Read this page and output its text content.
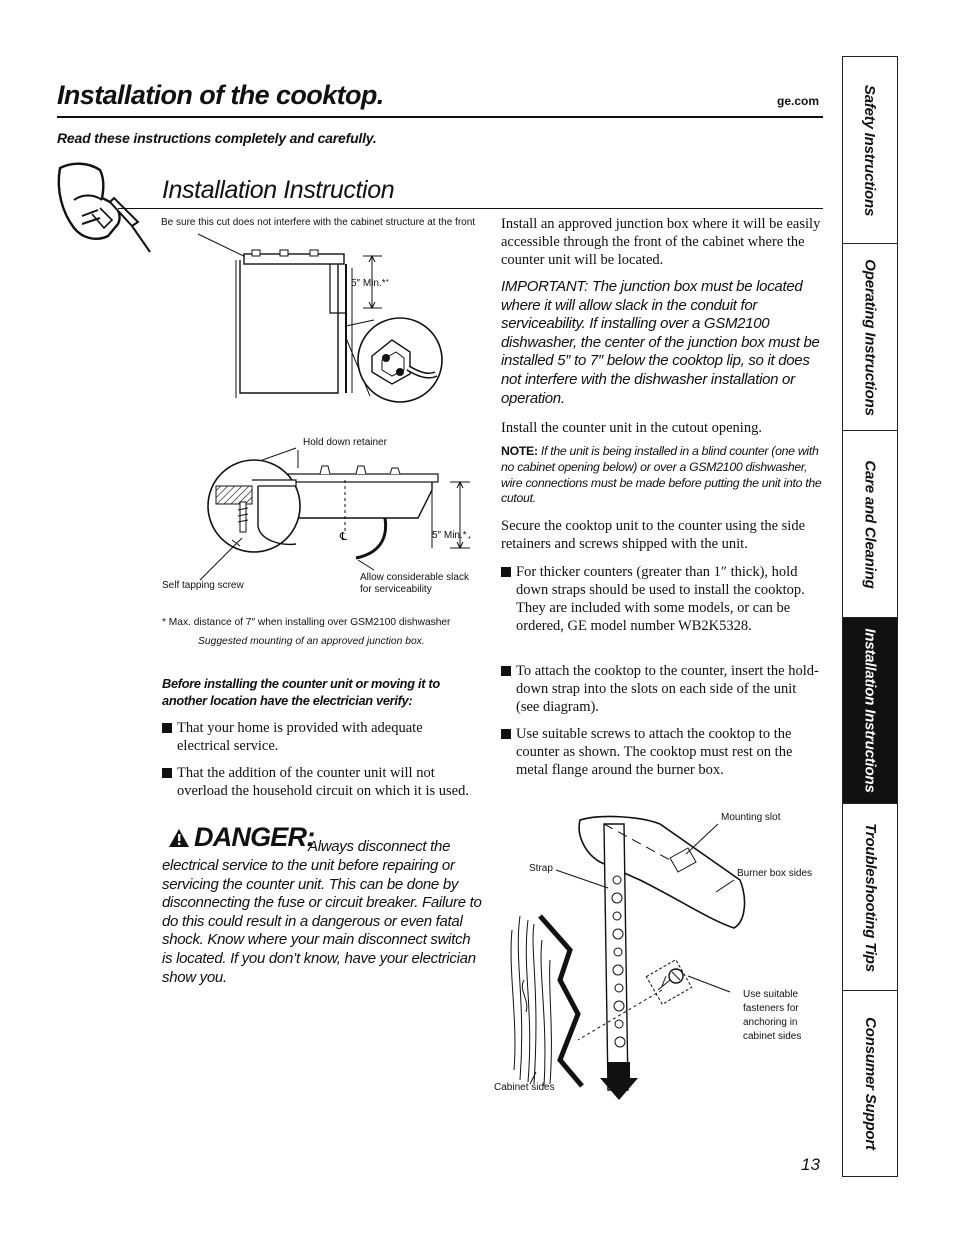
Installation of the cooktop.	ge.com
Read these instructions completely and carefully.
Installation Instruction	Safety Instructions
Operating Instructions
Care and Cleaning
Installation Instructions
Troubleshooting Tips
Consumer Support
Be sure this cut does not interfere with the cabinet structure at the front
℄
*
*
5″ Min.*
Hold down retainer
5″ Min.*
Self tapping screw
Allow considerable slack
for serviceability
* Max. distance of 7″ when installing over GSM2100 dishwasher
Suggested mounting of an approved junction box.
Before installing the counter unit or moving it to
another location have the electrician verify:
That your home is provided with adequate electrical service.
That the addition of the counter unit will not overload the household circuit on which it is used.
DANGER:
Always disconnect the
electrical service to the unit before repairing or servicing the counter unit. This can be done by disconnecting the fuse or circuit breaker. Failure to do this could result in a dangerous or even fatal shock. Know where your main disconnect switch is located. If you don’t know, have your electrician show you.
Install an approved junction box where it will be easily accessible through the front of the cabinet where the counter unit will be located.
IMPORTANT: The junction box must be located where it will allow slack in the conduit for serviceability. If installing over a GSM2100 dishwasher, the center of the junction box must be installed 5″ to 7″ below the cooktop lip, so it does not interfere with the dishwasher installation or operation.
Install the counter unit in the cutout opening.
NOTE: If the unit is being installed in a blind counter (one with no cabinet opening below) or over a GSM2100 dishwasher, wire connections must be made before putting the unit into the cutout.
Secure the cooktop unit to the counter using the side retainers and screws shipped with the unit.
For thicker counters (greater than 1″ thick), hold down straps should be used to install the cooktop. They are included with some models, or can be ordered, GE model number WB2K5328.
To attach the cooktop to the counter, insert the hold-down strap into the slots on each side of the unit (see diagram).
Use suitable screws to attach the cooktop to the counter as shown. The cooktop must rest on the metal flange around the burner box.
Mounting slot
Strap	Burner box sides
Use suitable
fasteners for
anchoring in
cabinet sides
Cabinet sides
13
